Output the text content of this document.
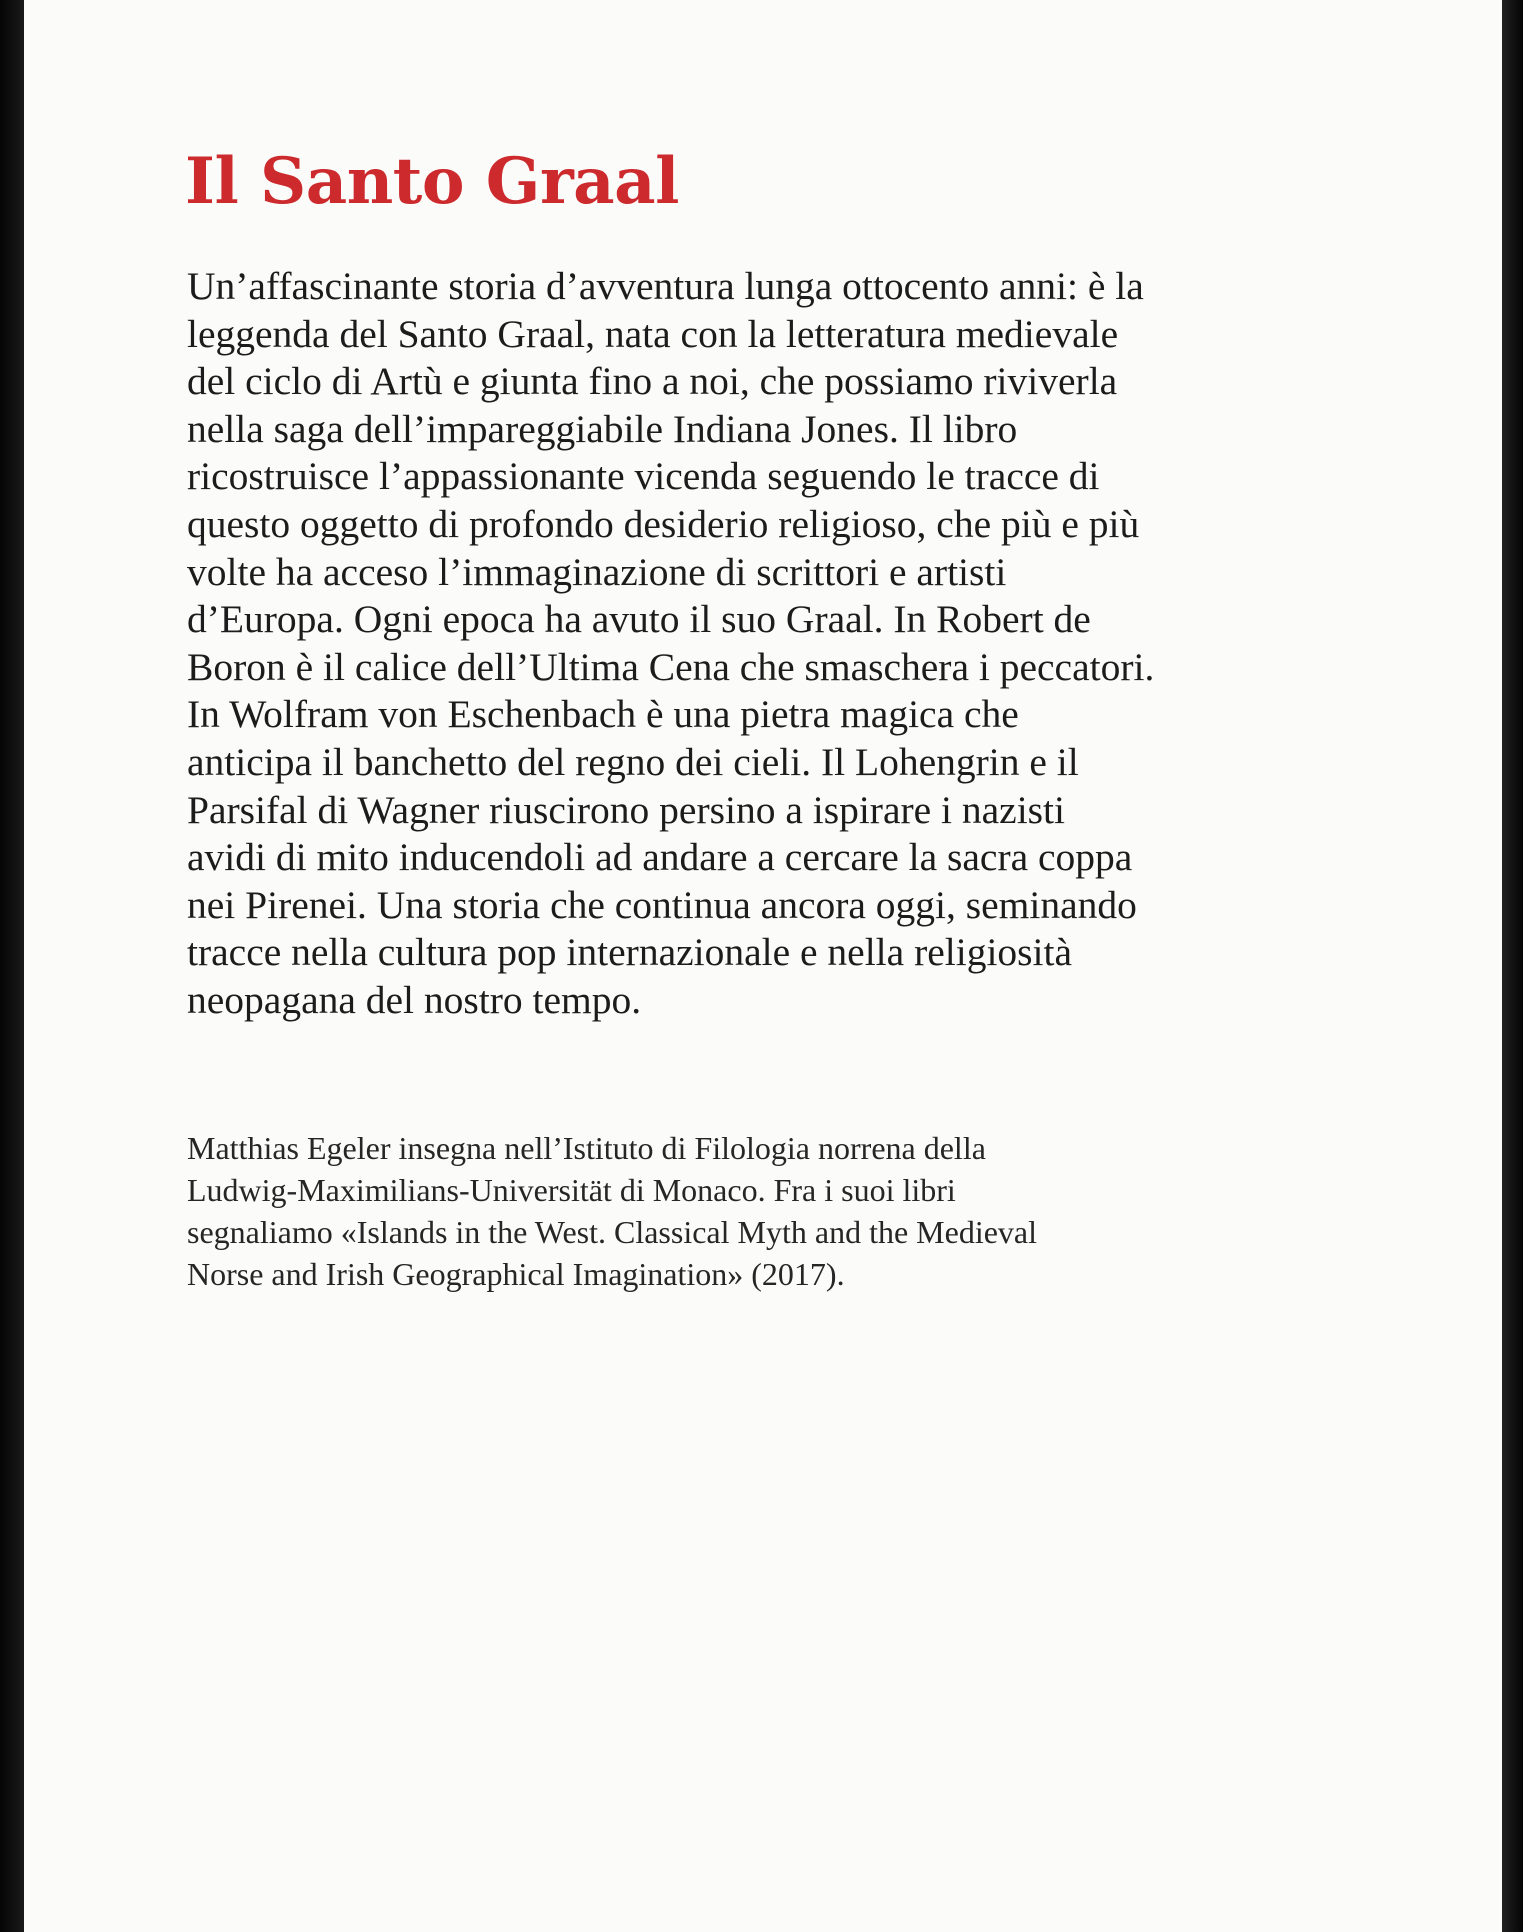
Il Santo Graal

Un’affascinante storia d’avventura lunga ottocento anni: è la
leggenda del Santo Graal, nata con la letteratura medievale
del ciclo di Artù e giunta fino a noi, che possiamo riviverla
nella saga dell’impareggiabile Indiana Jones. Il libro
ricostruisce l’appassionante vicenda seguendo le tracce di
questo oggetto di profondo desiderio religioso, che più e più
volte ha acceso l’immaginazione di scrittori e artisti
d’Europa. Ogni epoca ha avuto il suo Graal. In Robert de
Boron è il calice dell’Ultima Cena che smaschera i peccatori.
In Wolfram von Eschenbach è una pietra magica che
anticipa il banchetto del regno dei cieli. Il Lohengrin e il
Parsifal di Wagner riuscirono persino a ispirare i nazisti
avidi di mito inducendoli ad andare a cercare la sacra coppa
nei Pirenei. Una storia che continua ancora oggi, seminando
tracce nella cultura pop internazionale e nella religiosità
neopagana del nostro tempo.

Matthias Egeler insegna nell’Istituto di Filologia norrena della
Ludwig-Maximilians-Universität di Monaco. Fra i suoi libri
segnaliamo «Islands in the West. Classical Myth and the Medieval
Norse and Irish Geographical Imagination» (2017).
